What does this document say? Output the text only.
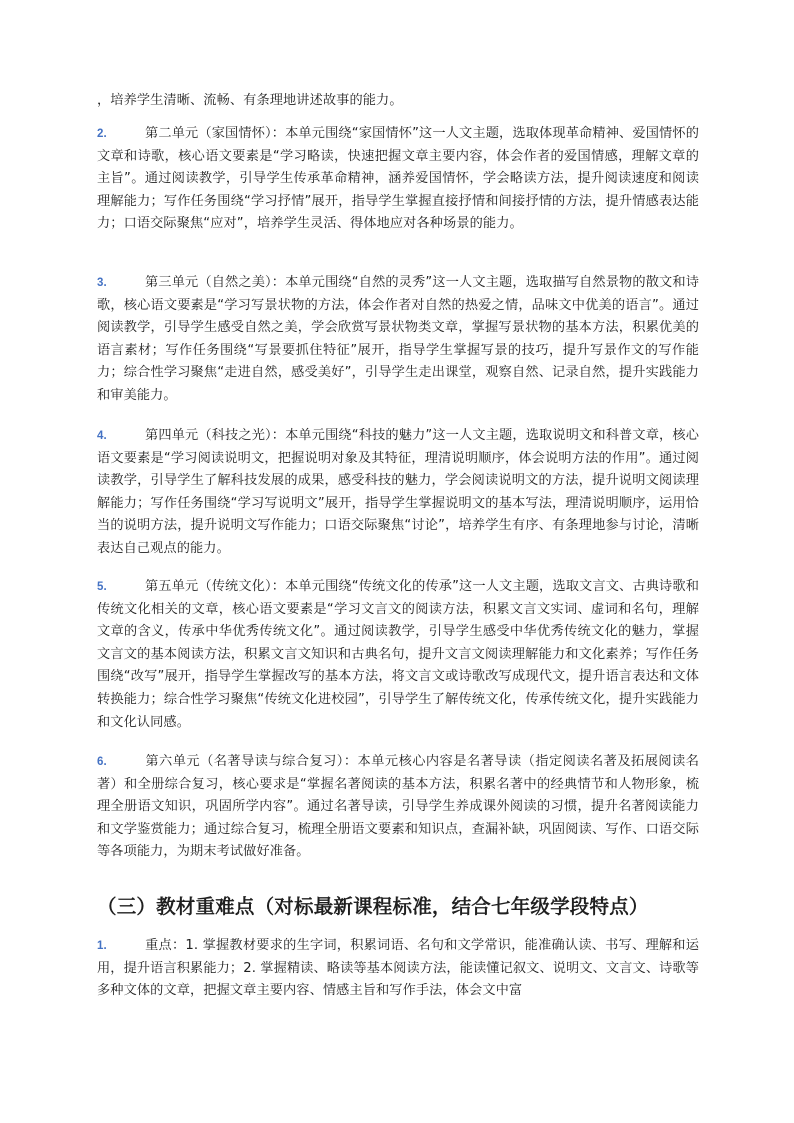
，培养学生清晰、流畅、有条理地讲述故事的能力。
2.	第二单元（家国情怀）：本单元围绕“家国情怀”这一人文主题，选取体现革命精神、爱国情怀的文章和诗歌，核心语文要素是“学习略读，快速把握文章主要内容，体会作者的爱国情感，理解文章的主旨”。通过阅读教学，引导学生传承革命精神，涵养爱国情怀，学会略读方法，提升阅读速度和阅读理解能力；写作任务围绕“学习抒情”展开，指导学生掌握直接抒情和间接抒情的方法，提升情感表达能力；口语交际聚焦“应对”，培养学生灵活、得体地应对各种场景的能力。
3.	第三单元（自然之美）：本单元围绕“自然的灵秀”这一人文主题，选取描写自然景物的散文和诗歌，核心语文要素是“学习写景状物的方法，体会作者对自然的热爱之情，品味文中优美的语言”。通过阅读教学，引导学生感受自然之美，学会欣赏写景状物类文章，掌握写景状物的基本方法，积累优美的语言素材；写作任务围绕“写景要抓住特征”展开，指导学生掌握写景的技巧，提升写景作文的写作能力；综合性学习聚焦“走进自然，感受美好”，引导学生走出课堂，观察自然、记录自然，提升实践能力和审美能力。
4.	第四单元（科技之光）：本单元围绕“科技的魅力”这一人文主题，选取说明文和科普文章，核心语文要素是“学习阅读说明文，把握说明对象及其特征，理清说明顺序，体会说明方法的作用”。通过阅读教学，引导学生了解科技发展的成果，感受科技的魅力，学会阅读说明文的方法，提升说明文阅读理解能力；写作任务围绕“学习写说明文”展开，指导学生掌握说明文的基本写法，理清说明顺序，运用恰当的说明方法，提升说明文写作能力；口语交际聚焦“讨论”，培养学生有序、有条理地参与讨论，清晰表达自己观点的能力。
5.	第五单元（传统文化）：本单元围绕“传统文化的传承”这一人文主题，选取文言文、古典诗歌和传统文化相关的文章，核心语文要素是“学习文言文的阅读方法，积累文言文实词、虚词和名句，理解文章的含义，传承中华优秀传统文化”。通过阅读教学，引导学生感受中华优秀传统文化的魅力，掌握文言文的基本阅读方法，积累文言文知识和古典名句，提升文言文阅读理解能力和文化素养；写作任务围绕“改写”展开，指导学生掌握改写的基本方法，将文言文或诗歌改写成现代文，提升语言表达和文体转换能力；综合性学习聚焦“传统文化进校园”，引导学生了解传统文化，传承传统文化，提升实践能力和文化认同感。
6.	第六单元（名著导读与综合复习）：本单元核心内容是名著导读（指定阅读名著及拓展阅读名著）和全册综合复习，核心要求是“掌握名著阅读的基本方法，积累名著中的经典情节和人物形象，梳理全册语文知识，巩固所学内容”。通过名著导读，引导学生养成课外阅读的习惯，提升名著阅读能力和文学鉴赏能力；通过综合复习，梳理全册语文要素和知识点，查漏补缺，巩固阅读、写作、口语交际等各项能力，为期末考试做好准备。
（三）教材重难点（对标最新课程标准，结合七年级学段特点）
1.	重点：1. 掌握教材要求的生字词，积累词语、名句和文学常识，能准确认读、书写、理解和运用，提升语言积累能力；2. 掌握精读、略读等基本阅读方法，能读懂记叙文、说明文、文言文、诗歌等多种文体的文章，把握文章主要内容、情感主旨和写作手法，体会文中富
